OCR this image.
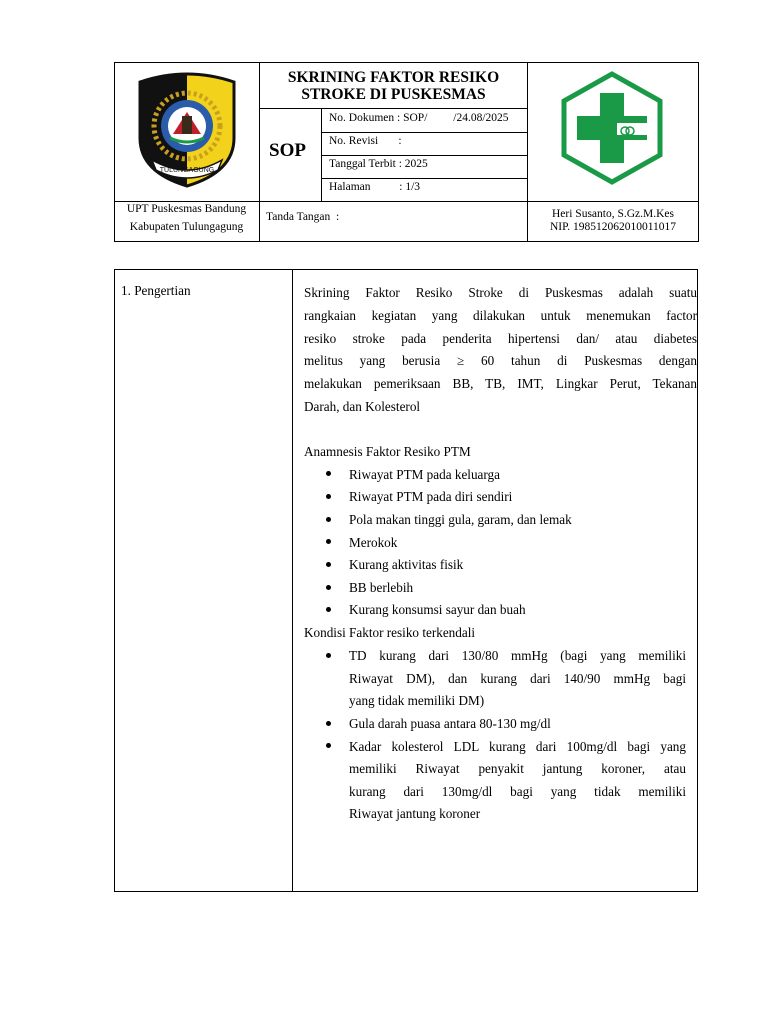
TULUNGAGUNG
SKRINING FAKTOR RESIKO
STROKE DI PUSKESMAS
SOP
No. Dokumen : SOP/         /24.08/2025
No. Revisi       :
Tanggal Terbit : 2025
Halaman          : 1/3
UPT Puskesmas Bandung
Kabupaten Tulungagung
Tanda Tangan  :	Heri Susanto, S.Gz.M.Kes
NIP. 198512062010011017
1. Pengertian	Skrining Faktor Resiko Stroke di Puskesmas adalah suatu
rangkaian kegiatan yang dilakukan untuk menemukan factor
resiko stroke pada penderita hipertensi dan/ atau diabetes
melitus yang berusia ≥ 60 tahun di Puskesmas dengan
melakukan pemeriksaan BB, TB, IMT, Lingkar Perut, Tekanan
Darah, dan Kolesterol
Anamnesis Faktor Resiko PTM
Riwayat PTM pada keluarga
Riwayat PTM pada diri sendiri
Pola makan tinggi gula, garam, dan lemak
Merokok
Kurang aktivitas fisik
BB berlebih
Kurang konsumsi sayur dan buah
Kondisi Faktor resiko terkendali
TD kurang dari 130/80 mmHg (bagi yang memiliki
Riwayat DM), dan kurang dari 140/90 mmHg bagi
yang tidak memiliki DM)
Gula darah puasa antara 80-130 mg/dl
Kadar kolesterol LDL kurang dari 100mg/dl bagi yang
memiliki Riwayat penyakit jantung koroner, atau
kurang dari 130mg/dl bagi yang tidak memiliki
Riwayat jantung koroner
